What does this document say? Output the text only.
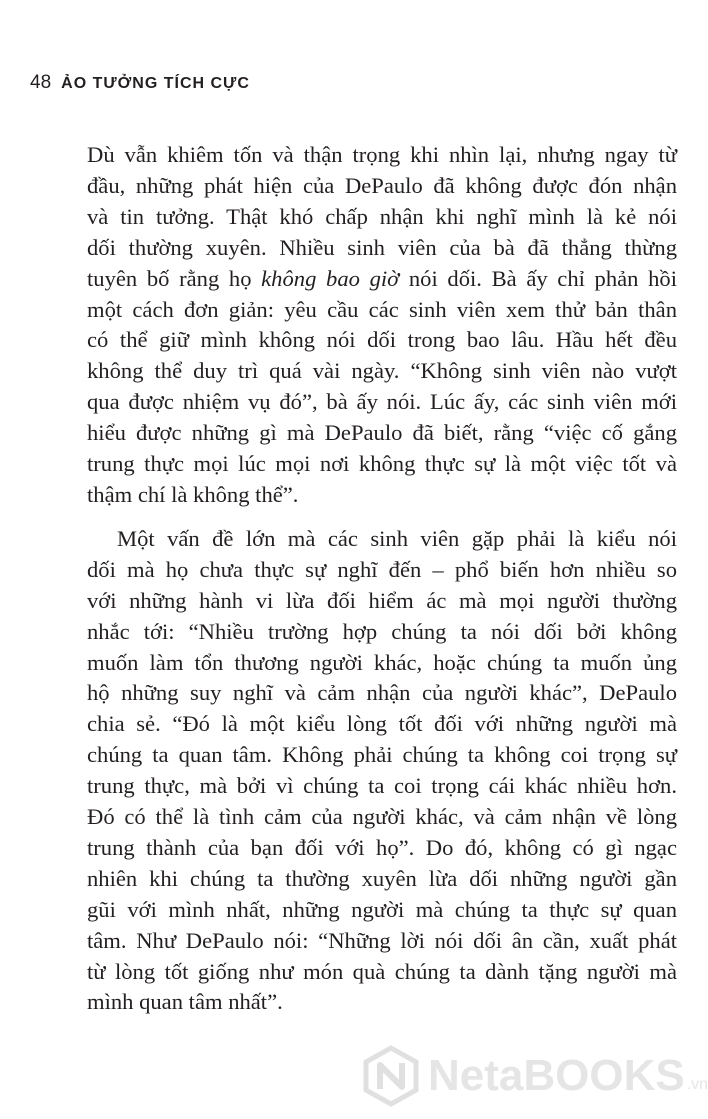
48 ẢO TƯỞNG TÍCH CỰC

Dù vẫn khiêm tốn và thận trọng khi nhìn lại, nhưng ngay từ
đầu, những phát hiện của DePaulo đã không được đón nhận
và tin tưởng. Thật khó chấp nhận khi nghĩ mình là kẻ nói
dối thường xuyên. Nhiều sinh viên của bà đã thẳng thừng
tuyên bố rằng họ không bao giờ nói dối. Bà ấy chỉ phản hồi
một cách đơn giản: yêu cầu các sinh viên xem thử bản thân
có thể giữ mình không nói dối trong bao lâu. Hầu hết đều
không thể duy trì quá vài ngày. “Không sinh viên nào vượt
qua được nhiệm vụ đó”, bà ấy nói. Lúc ấy, các sinh viên mới
hiểu được những gì mà DePaulo đã biết, rằng “việc cố gắng
trung thực mọi lúc mọi nơi không thực sự là một việc tốt và
thậm chí là không thể”.

Một vấn đề lớn mà các sinh viên gặp phải là kiểu nói
dối mà họ chưa thực sự nghĩ đến – phổ biến hơn nhiều so
với những hành vi lừa đối hiểm ác mà mọi người thường
nhắc tới: “Nhiều trường hợp chúng ta nói dối bởi không
muốn làm tổn thương người khác, hoặc chúng ta muốn ủng
hộ những suy nghĩ và cảm nhận của người khác”, DePaulo
chia sẻ. “Đó là một kiểu lòng tốt đối với những người mà
chúng ta quan tâm. Không phải chúng ta không coi trọng sự
trung thực, mà bởi vì chúng ta coi trọng cái khác nhiều hơn.
Đó có thể là tình cảm của người khác, và cảm nhận về lòng
trung thành của bạn đối với họ”. Do đó, không có gì ngạc
nhiên khi chúng ta thường xuyên lừa dối những người gần
gũi với mình nhất, những người mà chúng ta thực sự quan
tâm. Như DePaulo nói: “Những lời nói dối ân cần, xuất phát
từ lòng tốt giống như món quà chúng ta dành tặng người mà
mình quan tâm nhất”.

NetaBOOKS .vn
